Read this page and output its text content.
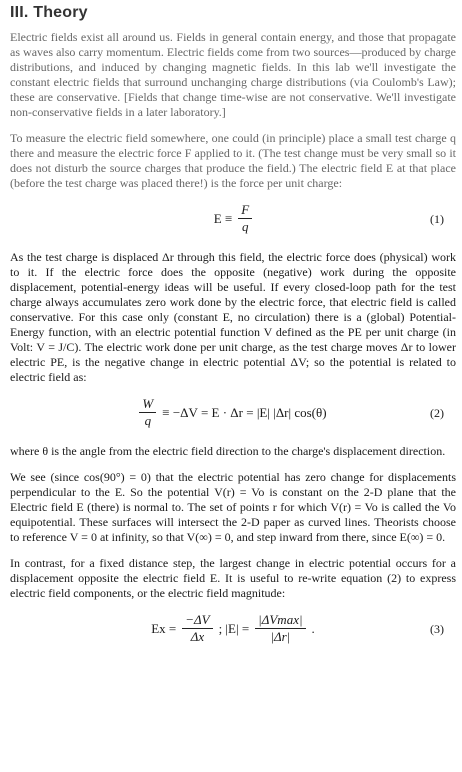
III. Theory

Electric fields exist all around us. Fields in general contain energy, and those that propagate as waves also carry momentum. Electric fields come from two sources—produced by charge distributions, and induced by changing magnetic fields. In this lab we'll investigate the constant electric fields that surround unchanging charge distributions (via Coulomb's Law); these are conservative. [Fields that change time-wise are not conservative. We'll investigate non-conservative fields in a later laboratory.]

To measure the electric field somewhere, one could (in principle) place a small test charge q there and measure the electric force F applied to it. (The test change must be very small so it does not disturb the source charges that produce the field.) The electric field E at that place (before the test charge was placed there!) is the force per unit charge:

$E \equiv \frac{F}{q}$	(1)

As the test charge is displaced Δr through this field, the electric force does (physical) work to it. If the electric force does the opposite (negative) work during the opposite displacement, potential-energy ideas will be useful. If every closed-loop path for the test charge always accumulates zero work done by the electric force, that electric field is called conservative. For this case only (constant E, no circulation) there is a (global) Potential-Energy function, with an electric potential function V defined as the PE per unit charge (in Volt: V = J/C). The electric work done per unit charge, as the test charge moves Δr to lower electric PE, is the negative change in electric potential ΔV; so the potential is related to electric field as:

$\frac{W}{q} \equiv -\Delta V = E \cdot \Delta r = |E|$ |Δr| cos(θ)	(2)

where θ is the angle from the electric field direction to the charge's displacement direction.

We see (since cos(90°) = 0) that the electric potential has zero change for displacements perpendicular to the E. So the potential V(r) = Vo is constant on the 2-D plane that the Electric field E (there) is normal to. The set of points r for which V(r) = Vo is called the Vo equipotential. These surfaces will intersect the 2-D paper as curved lines. Theorists choose to reference V = 0 at infinity, so that V(∞) = 0, and step inward from there, since E(∞) = 0.

In contrast, for a fixed distance step, the largest change in electric potential occurs for a displacement opposite the electric field E. It is useful to re-write equation (2) to express electric field components, or the electric field magnitude:

$Ex = \frac{-\Delta V}{\Delta x}$ ; $|E| = \frac{|\Delta Vmax|}{|\Delta r|}$ .	(3)
